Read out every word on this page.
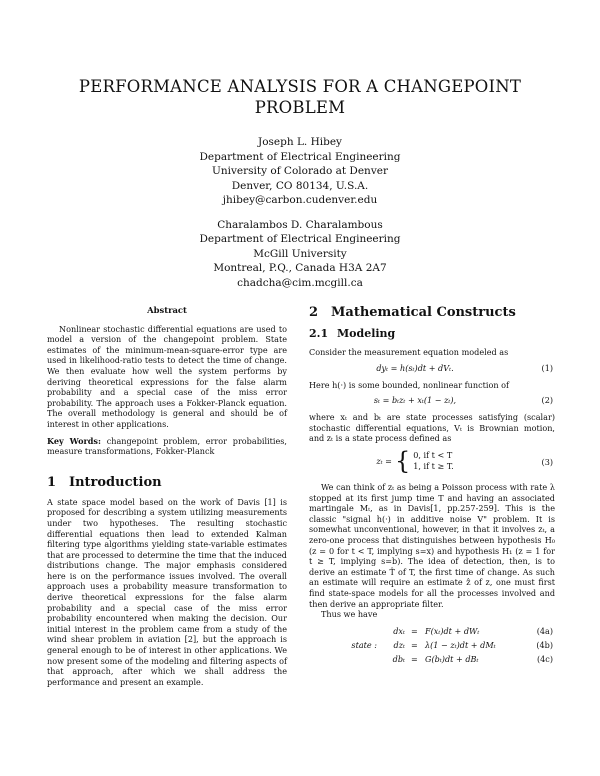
PERFORMANCE ANALYSIS FOR A CHANGEPOINT
PROBLEM
Joseph L. Hibey
Department of Electrical Engineering
University of Colorado at Denver
Denver, CO 80134, U.S.A.
jhibey@carbon.cudenver.edu
Charalambos D. Charalambous
Department of Electrical Engineering
McGill University
Montreal, P.Q., Canada H3A 2A7
chadcha@cim.mcgill.ca
Abstract

Nonlinear stochastic differential equations are used to model a version of the changepoint problem. State estimates of the minimum-mean-square-error type are used in likelihood-ratio tests to detect the time of change. We then evaluate how well the system performs by deriving theoretical expressions for the false alarm probability and a special case of the miss error probability. The approach uses a Fokker-Planck equation. The overall methodology is general and should be of interest in other applications.

Key Words: changepoint problem, error probabilities, measure transformations, Fokker-Planck

1 Introduction

A state space model based on the work of Davis [1] is proposed for describing a system utilizing measurements under two hypotheses. The resulting stochastic differential equations then lead to extended Kalman filtering type algorithms yielding state-variable estimates that are processed to determine the time that the induced distributions change. The major emphasis considered here is on the performance issues involved. The overall approach uses a probability measure transformation to derive theoretical expressions for the false alarm probability and a special case of the miss error probability encountered when making the decision. Our initial interest in the problem came from a study of the wind shear problem in aviation [2], but the approach is general enough to be of interest in other applications. We now present some of the modeling and filtering aspects of that approach, after which we shall address the performance and present an example.

2 Mathematical Constructs
2.1 Modeling

Consider the measurement equation modeled as

dyₜ = h(sₜ)dt + dVₜ.	(1)

Here h(·) is some bounded, nonlinear function of

sₜ = bₜzₜ + xₜ(1 − zₜ),	(2)

where xₜ and bₜ are state processes satisfying (scalar) stochastic differential equations, Vₜ is Brownian motion, and zₜ is a state process defined as

zₜ = { 0, if t < T
1, if t ≥ T.	(3)

We can think of zₜ as being a Poisson process with rate λ stopped at its first jump time T and having an associated martingale Mₜ, as in Davis[1, pp.257-259]. This is the classic "signal h(·) in additive noise V" problem. It is somewhat unconventional, however, in that it involves zₜ, a zero-one process that distinguishes between hypothesis H₀ (z = 0 for t < T, implying s=x) and hypothesis H₁ (z = 1 for t ≥ T, implying s=b). The idea of detection, then, is to derive an estimate T̂ of T, the first time of change. As such an estimate will require an estimate ẑ of z, one must first find state-space models for all the processes involved and then derive an appropriate filter.

Thus we have

state :
dxₜ = F(xₜ)dt + dWₜ	(4a)
dzₜ = λ(1 − zₜ)dt + dMₜ	(4b)
dbₜ = G(bₜ)dt + dBₜ	(4c)
